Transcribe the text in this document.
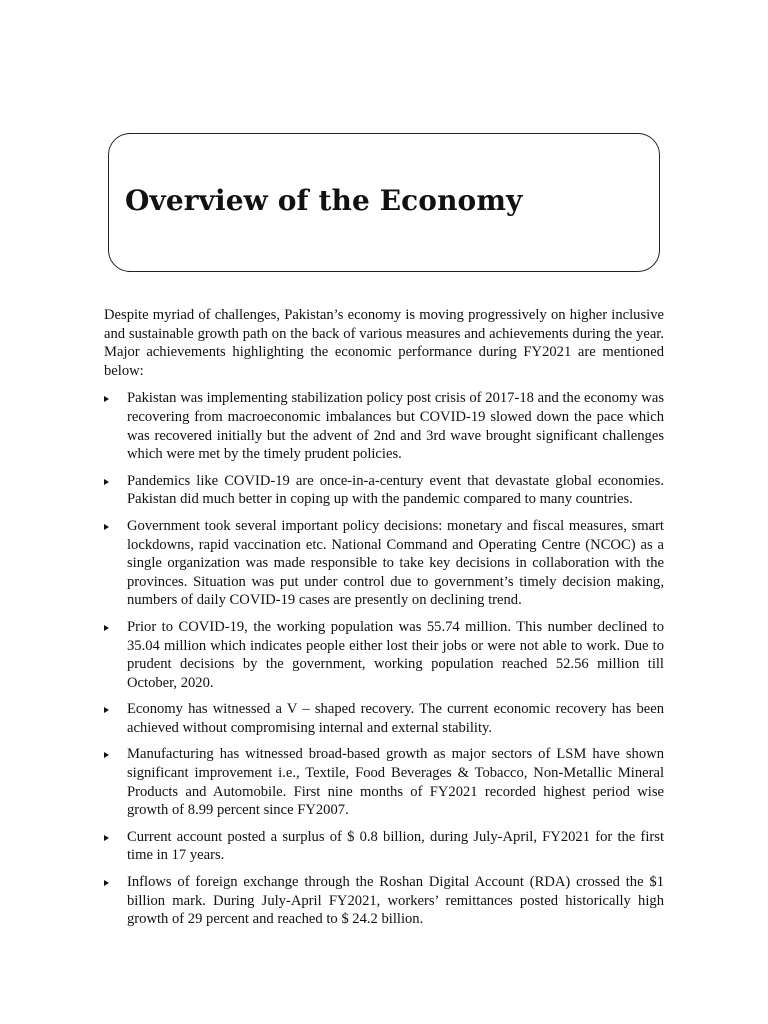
Overview of the Economy

Despite myriad of challenges, Pakistan’s economy is moving progressively on higher inclusive and sustainable growth path on the back of various measures and achievements during the year. Major achievements highlighting the economic performance during FY2021 are mentioned below:

Pakistan was implementing stabilization policy post crisis of 2017-18 and the economy was recovering from macroeconomic imbalances but COVID-19 slowed down the pace which was recovered initially but the advent of 2nd and 3rd wave brought significant challenges which were met by the timely prudent policies.
Pandemics like COVID-19 are once-in-a-century event that devastate global economies. Pakistan did much better in coping up with the pandemic compared to many countries.
Government took several important policy decisions: monetary and fiscal measures, smart lockdowns, rapid vaccination etc. National Command and Operating Centre (NCOC) as a single organization was made responsible to take key decisions in collaboration with the provinces. Situation was put under control due to government’s timely decision making, numbers of daily COVID-19 cases are presently on declining trend.
Prior to COVID-19, the working population was 55.74 million. This number declined to 35.04 million which indicates people either lost their jobs or were not able to work. Due to prudent decisions by the government, working population reached 52.56 million till October, 2020.
Economy has witnessed a V – shaped recovery. The current economic recovery has been achieved without compromising internal and external stability.
Manufacturing has witnessed broad-based growth as major sectors of LSM have shown significant improvement i.e., Textile, Food Beverages & Tobacco, Non-Metallic Mineral Products and Automobile. First nine months of FY2021 recorded highest period wise growth of 8.99 percent since FY2007.
Current account posted a surplus of $ 0.8 billion, during July-April, FY2021 for the first time in 17 years.
Inflows of foreign exchange through the Roshan Digital Account (RDA) crossed the $1 billion mark. During July-April FY2021, workers’ remittances posted historically high growth of 29 percent and reached to $ 24.2 billion.
